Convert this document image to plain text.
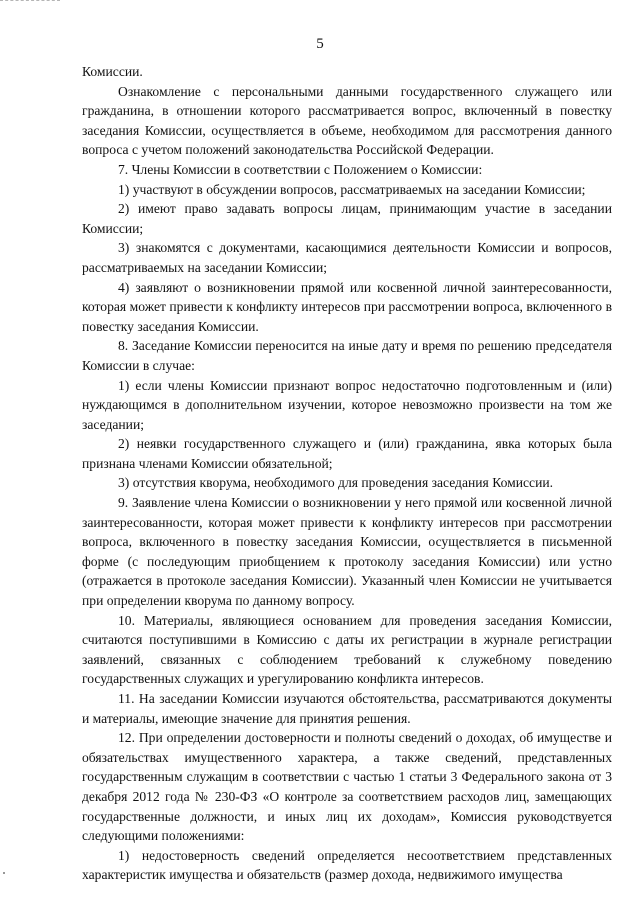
5

Комиссии.

Ознакомление с персональными данными государственного служащего или гражданина, в отношении которого рассматривается вопрос, включенный в повестку заседания Комиссии, осуществляется в объеме, необходимом для рассмотрения данного вопроса с учетом положений законодательства Российской Федерации.

7. Члены Комиссии в соответствии с Положением о Комиссии:

1) участвуют в обсуждении вопросов, рассматриваемых на заседании Комиссии;

2) имеют право задавать вопросы лицам, принимающим участие в заседании Комиссии;

3) знакомятся с документами, касающимися деятельности Комиссии и вопросов, рассматриваемых на заседании Комиссии;

4) заявляют о возникновении прямой или косвенной личной заинтересованности, которая может привести к конфликту интересов при рассмотрении вопроса, включенного в повестку заседания Комиссии.

8. Заседание Комиссии переносится на иные дату и время по решению председателя Комиссии в случае:

1) если члены Комиссии признают вопрос недостаточно подготовленным и (или) нуждающимся в дополнительном изучении, которое невозможно произвести на том же заседании;

2) неявки государственного служащего и (или) гражданина, явка которых была признана членами Комиссии обязательной;

3) отсутствия кворума, необходимого для проведения заседания Комиссии.

9. Заявление члена Комиссии о возникновении у него прямой или косвенной личной заинтересованности, которая может привести к конфликту интересов при рассмотрении вопроса, включенного в повестку заседания Комиссии, осуществляется в письменной форме (с последующим приобщением к протоколу заседания Комиссии) или устно (отражается в протоколе заседания Комиссии). Указанный член Комиссии не учитывается при определении кворума по данному вопросу.

10. Материалы, являющиеся основанием для проведения заседания Комиссии, считаются поступившими в Комиссию с даты их регистрации в журнале регистрации заявлений, связанных с соблюдением требований к служебному поведению государственных служащих и урегулированию конфликта интересов.

11. На заседании Комиссии изучаются обстоятельства, рассматриваются документы и материалы, имеющие значение для принятия решения.

12. При определении достоверности и полноты сведений о доходах, об имуществе и обязательствах имущественного характера, а также сведений, представленных государственным служащим в соответствии с частью 1 статьи 3 Федерального закона от 3 декабря 2012 года № 230-ФЗ «О контроле за соответствием расходов лиц, замещающих государственные должности, и иных лиц их доходам», Комиссия руководствуется следующими положениями:

1) недостоверность сведений определяется несоответствием представленных характеристик имущества и обязательств (размер дохода, недвижимого имущества
